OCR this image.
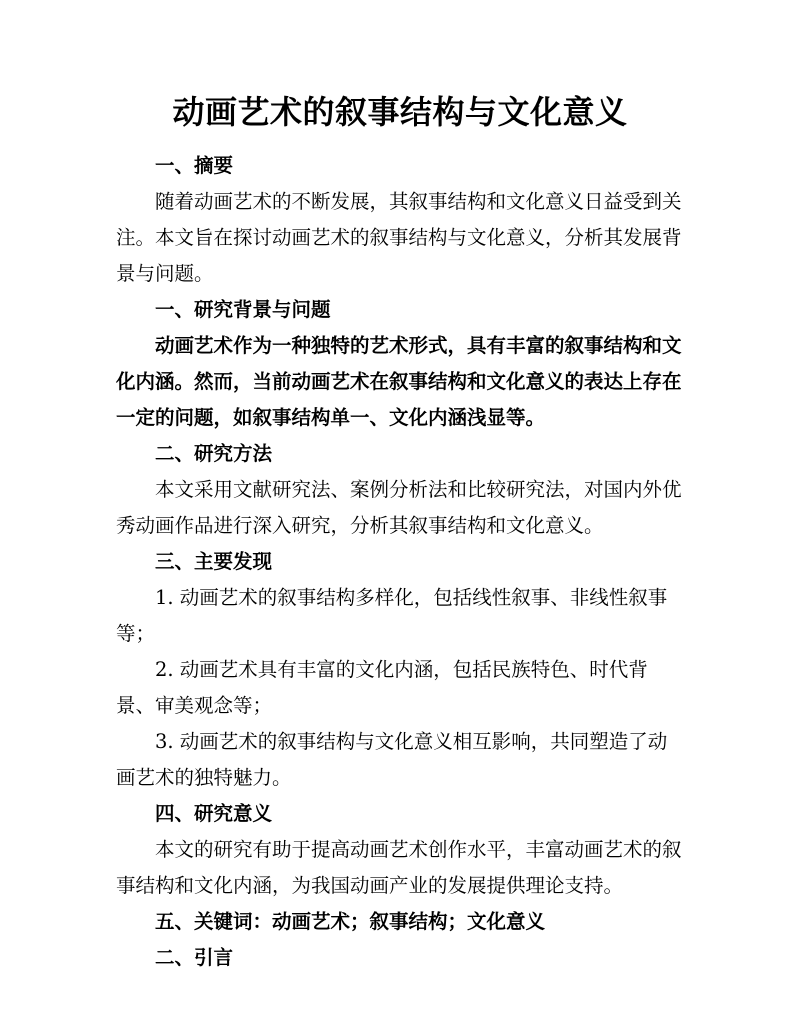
动画艺术的叙事结构与文化意义

一、摘要

随着动画艺术的不断发展，其叙事结构和文化意义日益受到关注。本文旨在探讨动画艺术的叙事结构与文化意义，分析其发展背景与问题。

一、研究背景与问题

动画艺术作为一种独特的艺术形式，具有丰富的叙事结构和文化内涵。然而，当前动画艺术在叙事结构和文化意义的表达上存在一定的问题，如叙事结构单一、文化内涵浅显等。

二、研究方法

本文采用文献研究法、案例分析法和比较研究法，对国内外优秀动画作品进行深入研究，分析其叙事结构和文化意义。

三、主要发现

1. 动画艺术的叙事结构多样化，包括线性叙事、非线性叙事等；

2. 动画艺术具有丰富的文化内涵，包括民族特色、时代背景、审美观念等；

3. 动画艺术的叙事结构与文化意义相互影响，共同塑造了动画艺术的独特魅力。

四、研究意义

本文的研究有助于提高动画艺术创作水平，丰富动画艺术的叙事结构和文化内涵，为我国动画产业的发展提供理论支持。

五、关键词：动画艺术；叙事结构；文化意义

二、引言
